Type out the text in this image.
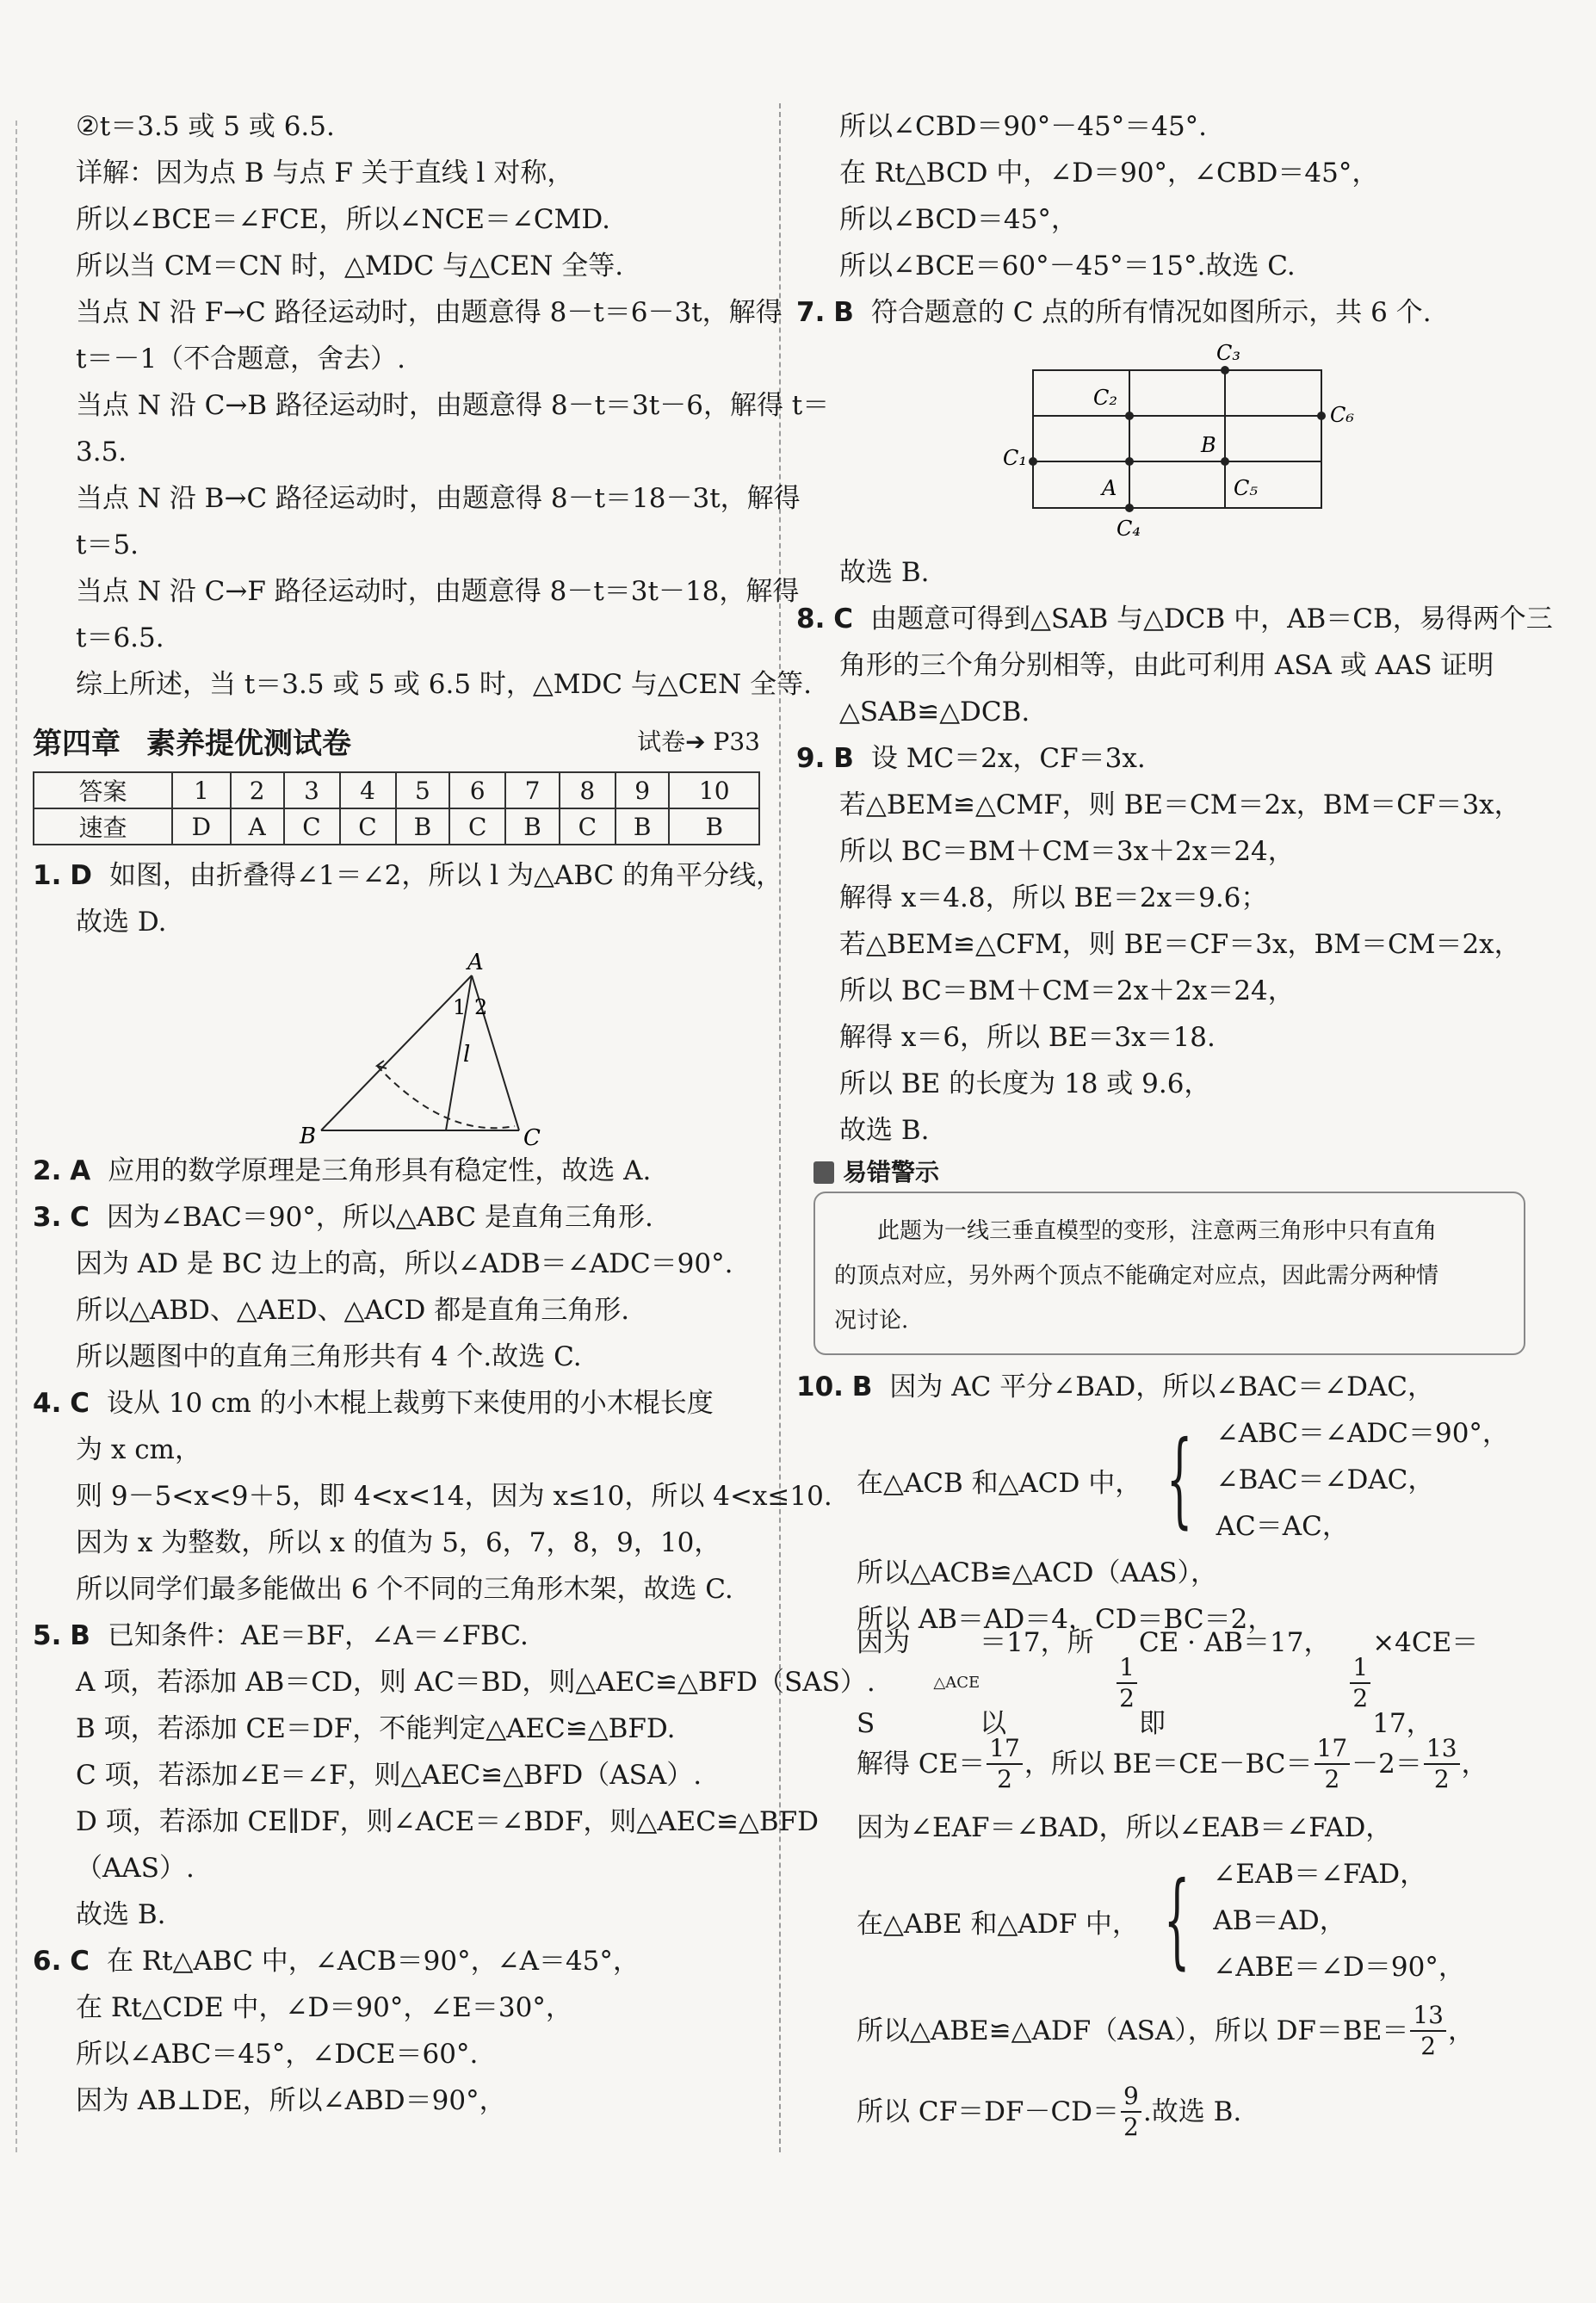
②t＝3.5 或 5 或 6.5.
详解：因为点 B 与点 F 关于直线 l 对称，
所以∠BCE＝∠FCE，所以∠NCE＝∠CMD.
所以当 CM＝CN 时，△MDC 与△CEN 全等.
当点 N 沿 F→C 路径运动时，由题意得 8－t＝6－3t，解得
t＝－1（不合题意，舍去）.
当点 N 沿 C→B 路径运动时，由题意得 8－t＝3t－6，解得 t＝
3.5.
当点 N 沿 B→C 路径运动时，由题意得 8－t＝18－3t，解得
t＝5.
当点 N 沿 C→F 路径运动时，由题意得 8－t＝3t－18，解得
t＝6.5.
综上所述，当 t＝3.5 或 5 或 6.5 时，△MDC 与△CEN 全等.
第四章 素养提优测试卷	试卷➔ P33
答案	1	2	3	4	5	6	7	8	9	10
速查	D	A	C	C	B	C	B	C	B	B
1. D 如图，由折叠得∠1＝∠2，所以 l 为△ABC 的角平分线，
故选 D.
A
B	C
1 2
l
2. A 应用的数学原理是三角形具有稳定性，故选 A.
3. C 因为∠BAC＝90°，所以△ABC 是直角三角形.
因为 AD 是 BC 边上的高，所以∠ADB＝∠ADC＝90°.
所以△ABD、△AED、△ACD 都是直角三角形.
所以题图中的直角三角形共有 4 个.故选 C.
4. C 设从 10 cm 的小木棍上裁剪下来使用的小木棍长度
为 x cm，
则 9－5<x<9＋5，即 4<x<14，因为 x≤10，所以 4<x≤10.
因为 x 为整数，所以 x 的值为 5，6，7，8，9，10，
所以同学们最多能做出 6 个不同的三角形木架，故选 C.
5. B 已知条件：AE＝BF，∠A＝∠FBC.
A 项，若添加 AB＝CD，则 AC＝BD，则△AEC≌△BFD（SAS）.
B 项，若添加 CE＝DF，不能判定△AEC≌△BFD.
C 项，若添加∠E＝∠F，则△AEC≌△BFD（ASA）.
D 项，若添加 CE∥DF，则∠ACE＝∠BDF，则△AEC≌△BFD
（AAS）.
故选 B.
6. C 在 Rt△ABC 中，∠ACB＝90°，∠A＝45°，
在 Rt△CDE 中，∠D＝90°，∠E＝30°，
所以∠ABC＝45°，∠DCE＝60°.
因为 AB⊥DE，所以∠ABD＝90°，
所以∠CBD＝90°－45°＝45°.
在 Rt△BCD 中，∠D＝90°，∠CBD＝45°，
所以∠BCD＝45°，
所以∠BCE＝60°－45°＝15°.故选 C.
7. B 符合题意的 C 点的所有情况如图所示，共 6 个.
C₃
C₂
C₆
B
C₁
A	C₅
C₄
故选 B.
8. C 由题意可得到△SAB 与△DCB 中，AB＝CB，易得两个三
角形的三个角分别相等，由此可利用 ASA 或 AAS 证明
△SAB≌△DCB.
9. B 设 MC＝2x，CF＝3x.
若△BEM≌△CMF，则 BE＝CM＝2x，BM＝CF＝3x，
所以 BC＝BM＋CM＝3x＋2x＝24，
解得 x＝4.8，所以 BE＝2x＝9.6；
若△BEM≌△CFM，则 BE＝CF＝3x，BM＝CM＝2x，
所以 BC＝BM＋CM＝2x＋2x＝24，
解得 x＝6，所以 BE＝3x＝18.
所以 BE 的长度为 18 或 9.6，
故选 B.
易错警示
此题为一线三垂直模型的变形，注意两三角形中只有直角
的顶点对应，另外两个顶点不能确定对应点，因此需分两种情
况讨论.
10. B 因为 AC 平分∠BAD，所以∠BAC＝∠DAC，
在△ACB 和△ACD 中， { ∠ABC＝∠ADC＝90°，
∠BAC＝∠DAC，
AC＝AC，
所以△ACB≌△ACD（AAS），
所以 AB＝AD＝4，CD＝BC＝2，
因为 S
△ACE
＝17，所以
$\frac{1}{2}$
CE · AB＝17，即
$\frac{1}{2}$
×4CE＝17，
解得 $CE= \frac{17}{2}$ ，所以 $BE=CE-BC= \frac{17}{2} -2= \frac{13}{2}$ ，
因为∠EAF＝∠BAD，所以∠EAB＝∠FAD，
在△ABE 和△ADF 中， { ∠EAB＝∠FAD，
AB＝AD，
∠ABE＝∠D＝90°，
所以△ABE≌△ADF（ASA），所以 $DF=BE= \frac{13}{2}$ ，
所以 $CF=DF-CD= \frac{9}{2}$ .故选 B.
